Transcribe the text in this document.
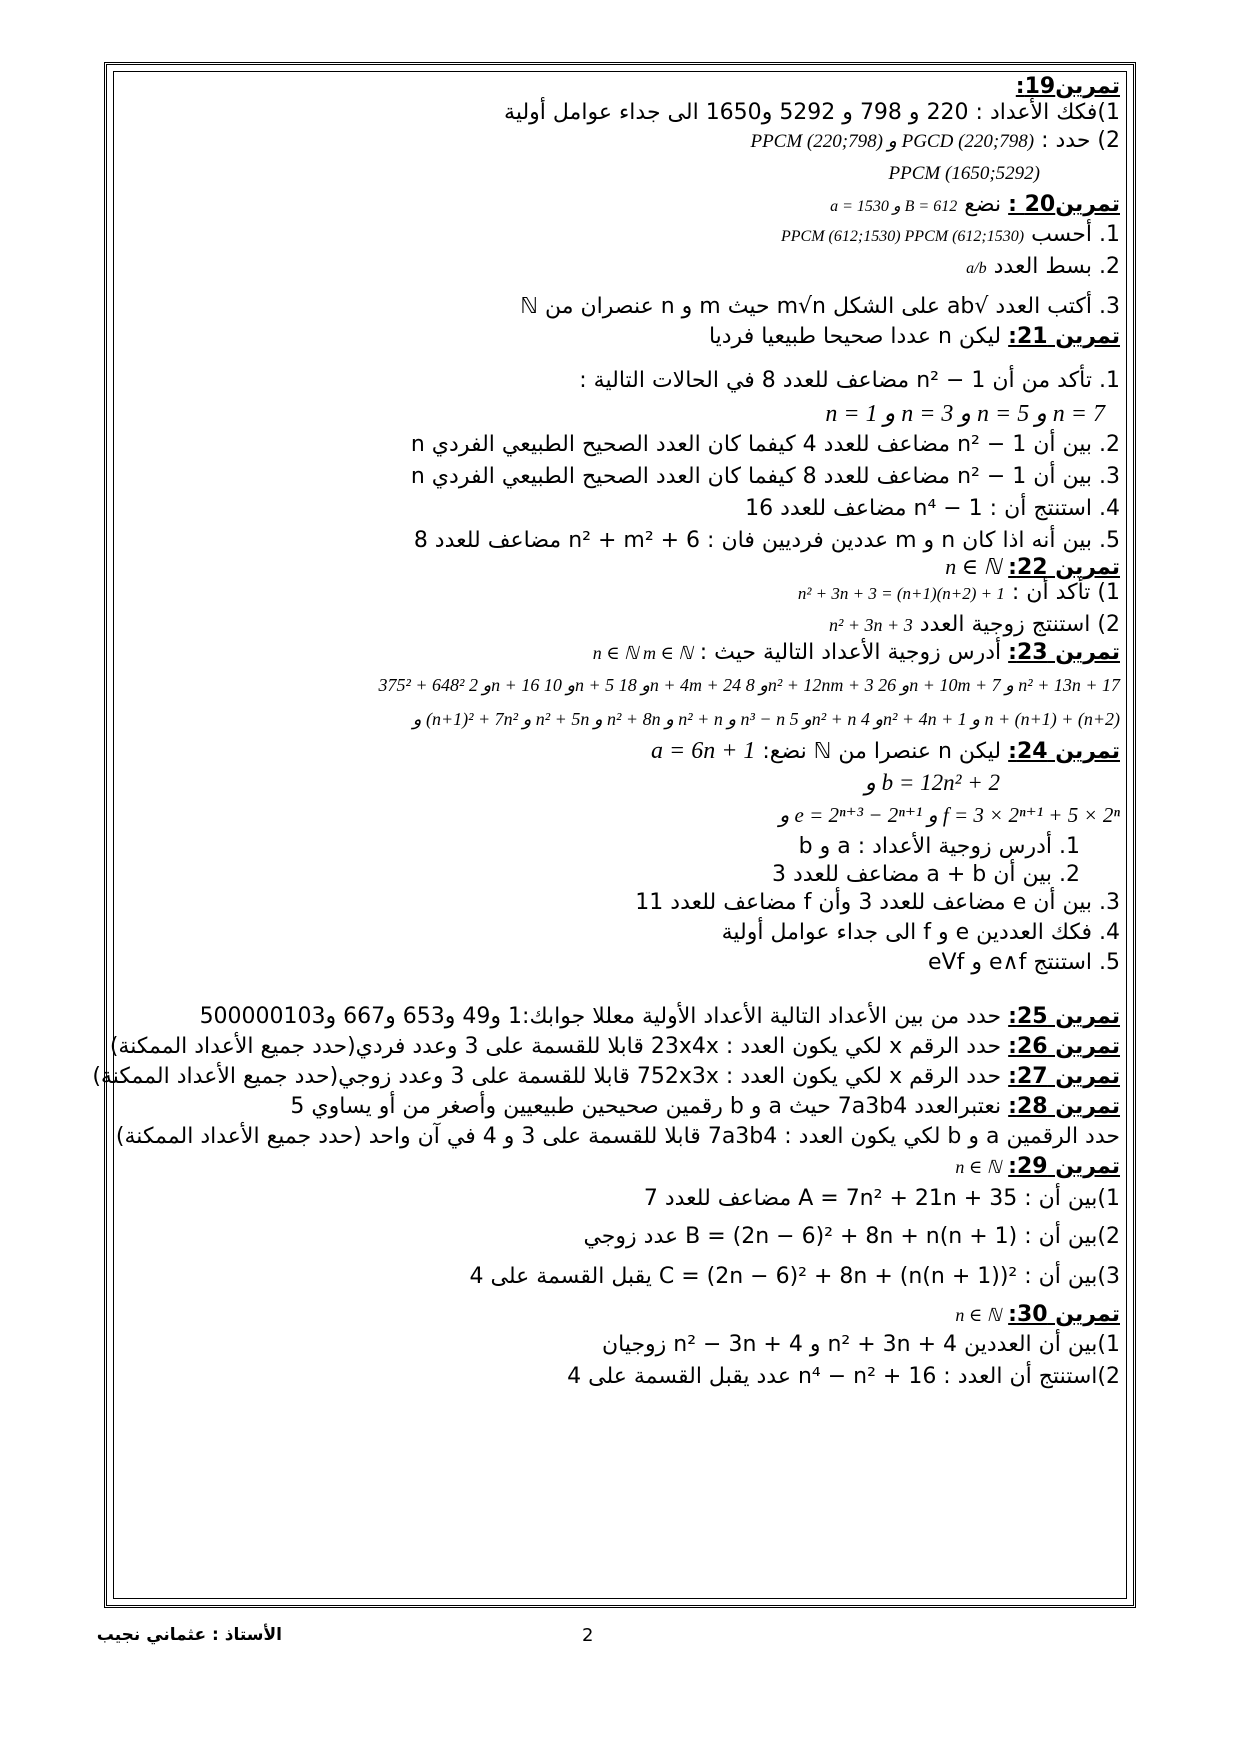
تمرين19:
1)فكك الأعداد : 220 و 798 و 5292 و1650 الى جداء عوامل أولية
2) حدد : PPCM (220;798) و PGCD (220;798)
PPCM (1650;5292)
تمرين20 : نضع a = 1530 و B = 612
1. أحسب PPCM (612;1530) PPCM (612;1530)
2. بسط العدد a/b
3. أكتب العدد √ab على الشكل m√n حيث m و n عنصران من ℕ
تمرين 21: ليكن n عددا صحيحا طبيعيا فرديا
1. تأكد من أن n² − 1 مضاعف للعدد 8 في الحالات التالية :
n = 1 و n = 3 و n = 5 و n = 7
2. بين أن n² − 1 مضاعف للعدد 4 كيفما كان العدد الصحيح الطبيعي الفردي n
3. بين أن n² − 1 مضاعف للعدد 8 كيفما كان العدد الصحيح الطبيعي الفردي n
4. استنتج أن : n⁴ − 1 مضاعف للعدد 16
5. بين أنه اذا كان n و m عددين فرديين فان : n² + m² + 6 مضاعف للعدد 8
تمرين 22: n ∈ ℕ
1) تأكد أن : n² + 3n + 3 = (n+1)(n+2) + 1
2) استنتج زوجية العدد n² + 3n + 3
تمرين 23: أدرس زوجية الأعداد التالية حيث : n ∈ ℕ m ∈ ℕ
375² + 648² و 2n + 16 و 10n + 5 و 18n + 4m + 24 و 8n² + 12nm + 3 و 26n + 10m + 7 و n² + 13n + 17
و (n+1)² + 7n² و n² + 5n و n² + 8n و n² + n و n³ − n و 5n² + n و 4n² + 4n + 1 و n + (n+1) + (n+2)
تمرين 24: ليكن n عنصرا من ℕ نضع: a = 6n + 1
و b = 12n² + 2
و e = 2ⁿ⁺³ − 2ⁿ⁺¹ و f = 3 × 2ⁿ⁺¹ + 5 × 2ⁿ
1. أدرس زوجية الأعداد : a و b
2. بين أن a + b مضاعف للعدد 3
3. بين أن e مضاعف للعدد 3 وأن f مضاعف للعدد 11
4. فكك العددين e و f الى جداء عوامل أولية
5. استنتج e∧f و eVf
تمرين 25: حدد من بين الأعداد التالية الأعداد الأولية معللا جوابك:1 و49 و653 و667 و500000103
تمرين 26: حدد الرقم x لكي يكون العدد : 23x4x قابلا للقسمة على 3 وعدد فردي(حدد جميع الأعداد الممكنة)
تمرين 27: حدد الرقم x لكي يكون العدد : 752x3x قابلا للقسمة على 3 وعدد زوجي(حدد جميع الأعداد الممكنة)
تمرين 28: نعتبرالعدد 7a3b4 حيث a و b رقمين صحيحين طبيعيين وأصغر من أو يساوي 5
حدد الرقمين a و b لكي يكون العدد : 7a3b4 قابلا للقسمة على 3 و 4 في آن واحد (حدد جميع الأعداد الممكنة)
تمرين 29: n ∈ ℕ
1)بين أن : A = 7n² + 21n + 35 مضاعف للعدد 7
2)بين أن : B = (2n − 6)² + 8n + n(n + 1) عدد زوجي
3)بين أن : C = (2n − 6)² + 8n + (n(n + 1))² يقبل القسمة على 4
تمرين 30: n ∈ ℕ
1)بين أن العددين n² + 3n + 4 و n² − 3n + 4 زوجيان
2)استنتج أن العدد : n⁴ − n² + 16 عدد يقبل القسمة على 4
الأستاذ : عثماني نجيب	2
